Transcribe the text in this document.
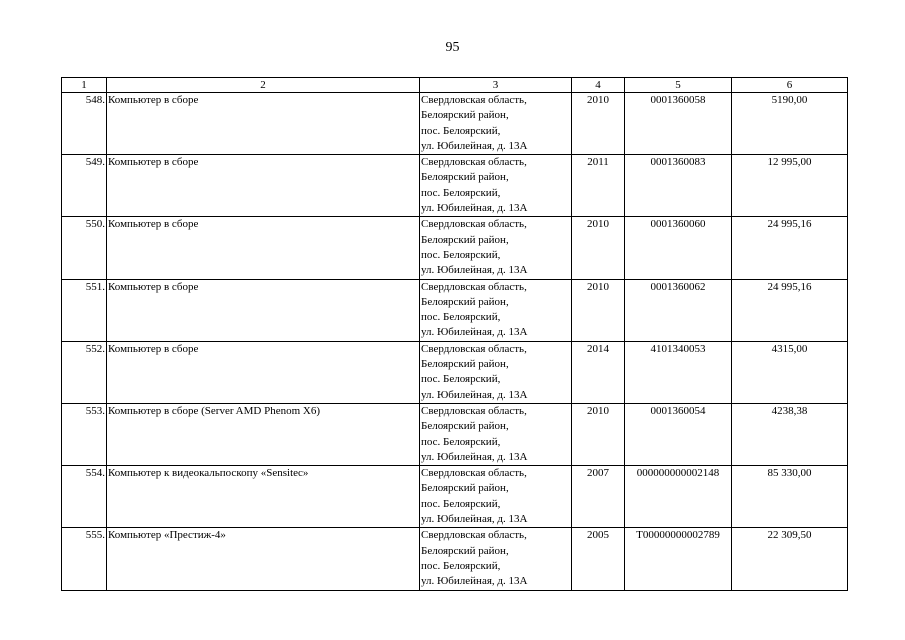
95
1	2	3	4	5	6
548.	Компьютер в сборе	Свердловская область,
Белоярский район,
пос. Белоярский,
ул. Юбилейная, д. 13А	2010	0001360058	5190,00
549.	Компьютер в сборе	Свердловская область,
Белоярский район,
пос. Белоярский,
ул. Юбилейная, д. 13А	2011	0001360083	12 995,00
550.	Компьютер в сборе	Свердловская область,
Белоярский район,
пос. Белоярский,
ул. Юбилейная, д. 13А	2010	0001360060	24 995,16
551.	Компьютер в сборе	Свердловская область,
Белоярский район,
пос. Белоярский,
ул. Юбилейная, д. 13А	2010	0001360062	24 995,16
552.	Компьютер в сборе	Свердловская область,
Белоярский район,
пос. Белоярский,
ул. Юбилейная, д. 13А	2014	4101340053	4315,00
553.	Компьютер в сборе (Server AMD Phenom X6)	Свердловская область,
Белоярский район,
пос. Белоярский,
ул. Юбилейная, д. 13А	2010	0001360054	4238,38
554.	Компьютер к видеокальпоскопу «Sensitec»	Свердловская область,
Белоярский район,
пос. Белоярский,
ул. Юбилейная, д. 13А	2007	000000000002148	85 330,00
555.	Компьютер «Престиж-4»	Свердловская область,
Белоярский район,
пос. Белоярский,
ул. Юбилейная, д. 13А	2005	Т00000000002789	22 309,50
